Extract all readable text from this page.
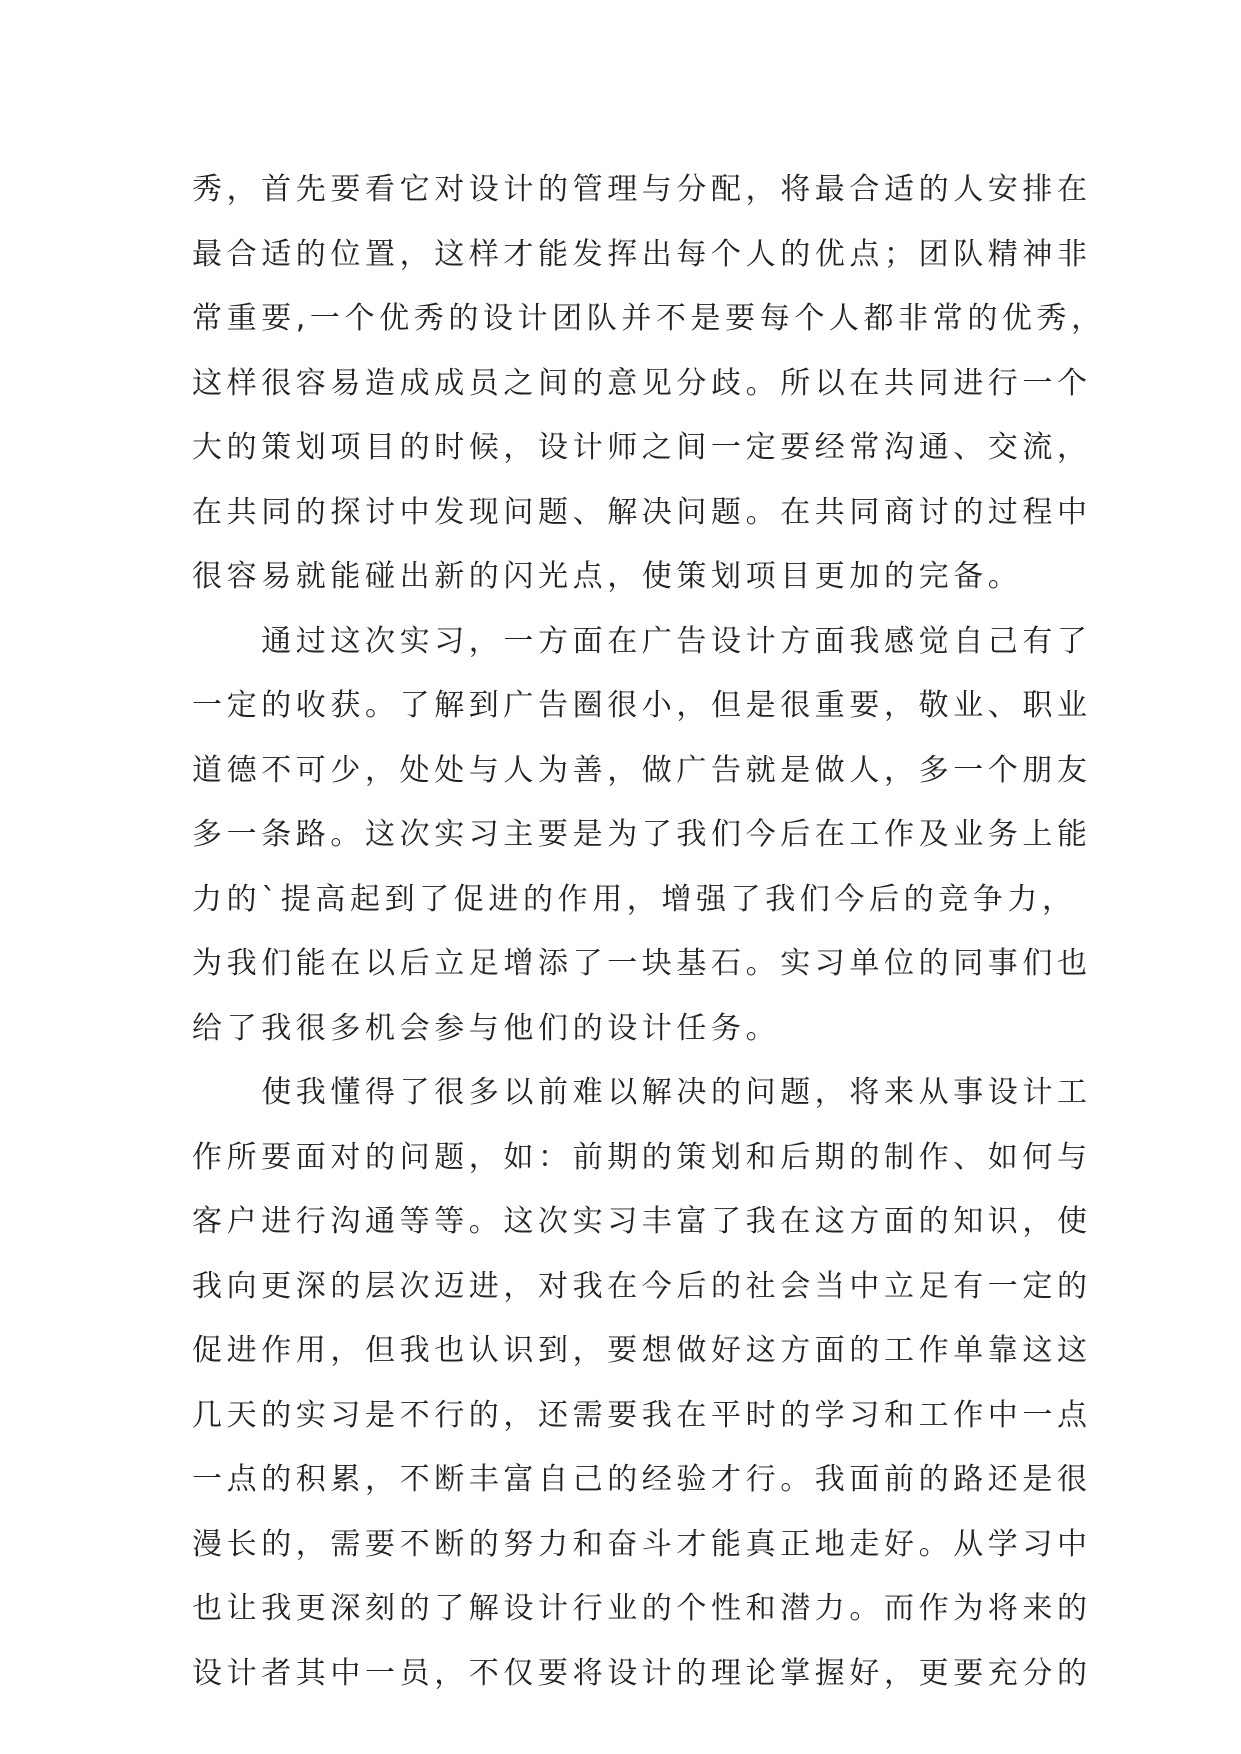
秀，首先要看它对设计的管理与分配，将最合适的人安排在
最合适的位置，这样才能发挥出每个人的优点；团队精神非
常重要,一个优秀的设计团队并不是要每个人都非常的优秀，
这样很容易造成成员之间的意见分歧。所以在共同进行一个
大的策划项目的时候，设计师之间一定要经常沟通、交流，
在共同的探讨中发现问题、解决问题。在共同商讨的过程中
很容易就能碰出新的闪光点，使策划项目更加的完备。
　　通过这次实习，一方面在广告设计方面我感觉自己有了
一定的收获。了解到广告圈很小，但是很重要，敬业、职业
道德不可少，处处与人为善，做广告就是做人，多一个朋友
多一条路。这次实习主要是为了我们今后在工作及业务上能
力的`提高起到了促进的作用，增强了我们今后的竞争力，
为我们能在以后立足增添了一块基石。实习单位的同事们也
给了我很多机会参与他们的设计任务。
　　使我懂得了很多以前难以解决的问题，将来从事设计工
作所要面对的问题，如：前期的策划和后期的制作、如何与
客户进行沟通等等。这次实习丰富了我在这方面的知识，使
我向更深的层次迈进，对我在今后的社会当中立足有一定的
促进作用，但我也认识到，要想做好这方面的工作单靠这这
几天的实习是不行的，还需要我在平时的学习和工作中一点
一点的积累，不断丰富自己的经验才行。我面前的路还是很
漫长的，需要不断的努力和奋斗才能真正地走好。从学习中
也让我更深刻的了解设计行业的个性和潜力。而作为将来的
设计者其中一员，不仅要将设计的理论掌握好，更要充分的
